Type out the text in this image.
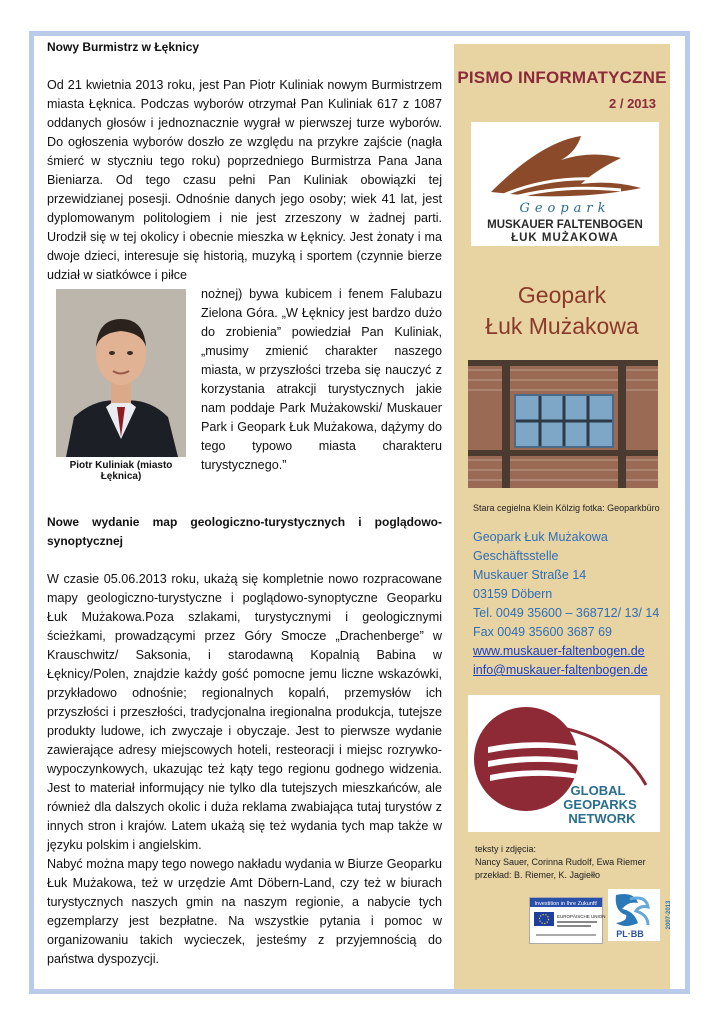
Nowy Burmistrz w Łęknicy

Od 21 kwietnia 2013 roku, jest Pan Piotr Kuliniak nowym Burmistrzem miasta Łęknica. Podczas wyborów otrzymał Pan Kuliniak 617 z 1087 oddanych głosów i jednoznacznie wygrał w pierwszej turze wyborów. Do ogłoszenia wyborów doszło ze względu na przykre zajście (nagła śmierć w styczniu tego roku) poprzedniego Burmistrza Pana Jana Bieniarza. Od tego czasu pełni Pan Kuliniak obowiązki tej przewidzianej posesji. Odnośnie danych jego osoby; wiek 41 lat, jest dyplomowanym politologiem i nie jest zrzeszony w żadnej parti. Urodził się w tej okolicy i obecnie mieszka w Łęknicy. Jest żonaty i ma dwoje dzieci, interesuje się historią, muzyką i sportem (czynnie bierze udział w siatkówce i piłce

nożnej) bywa kubicem i fenem Falubazu Zielona Góra. „W Łęknicy jest bardzo dużo do zrobienia” powiedział Pan Kuliniak, „musimy zmienić charakter naszego miasta, w przyszłości trzeba się nauczyć z korzystania atrakcji turystycznych jakie nam poddaje Park Mużakowski/ Muskauer Park i Geopark Łuk Mużakowa, dążymy do tego typowo miasta charakteru turystycznego.”

Nowe wydanie map geologiczno-turystycznych i poglądowo-synoptycznej

W czasie 05.06.2013 roku, ukażą się kompletnie nowo rozpracowane mapy geologiczno-turystyczne i poglądowo-synoptyczne Geoparku Łuk Mużakowa.Poza szlakami, turystycznymi i geologicznymi ścieżkami, prowadzącymi przez Góry Smocze „Drachenberge” w Krauschwitz/ Saksonia, i starodawną Kopalnią Babina w Łęknicy/Polen, znajdzie każdy gość pomocne jemu liczne wskazówki, przykładowo odnośnie; regionalnych kopalń, przemysłów ich przyszłości i przeszłości, tradycjonalna iregionalna produkcja, tutejsze produkty ludowe, ich zwyczaje i obyczaje. Jest to pierwsze wydanie zawierające adresy miejscowych hoteli, resteoracji i miejsc rozrywko-wypoczynkowych, ukazując też kąty tego regionu godnego widzenia. Jest to materiał informujący nie tylko dla tutejszych mieszkańców, ale również dla dalszych okolic i duża reklama zwabiająca tutaj turystów z innych stron i krajów. Latem ukażą się też wydania tych map także w języku polskim i angielskim.

Nabyć można mapy tego nowego nakładu wydania w Biurze Geoparku Łuk Mużakowa, też w urzędzie Amt Döbern-Land, czy też w biurach turystycznych naszych gmin na naszym regionie, a nabycie tych egzemplarzy jest bezpłatne. Na wszystkie pytania i pomoc w organizowaniu takich wycieczek, jesteśmy z przyjemnością do państwa dyspozycji.

Piotr Kuliniak (miasto Łęknica)
PISMO INFORMATYCZNE
2 / 2013
Geopark
MUSKAUER FALTENBOGEN
ŁUK MUŻAKOWA
Geopark
Łuk Mużakowa
Stara cegielna Klein Kölzig fotka: Geoparkbüro
Geopark Łuk Mużakowa
Geschäftsstelle
Muskauer Straße 14
03159 Döbern
Tel. 0049 35600 – 368712/ 13/ 14
Fax 0049 35600 3687 69
www.muskauer-faltenbogen.de
info@muskauer-faltenbogen.de
GLOBAL
GEOPARKS
NETWORK
teksty i zdjęcia:
Nancy Sauer, Corinna Rudolf, Ewa Riemer
przekład: B. Riemer, K. Jagiełło
Investition in Ihre Zukunft!
EUROPÄISCHE UNION
PL·BB
2007-2013
